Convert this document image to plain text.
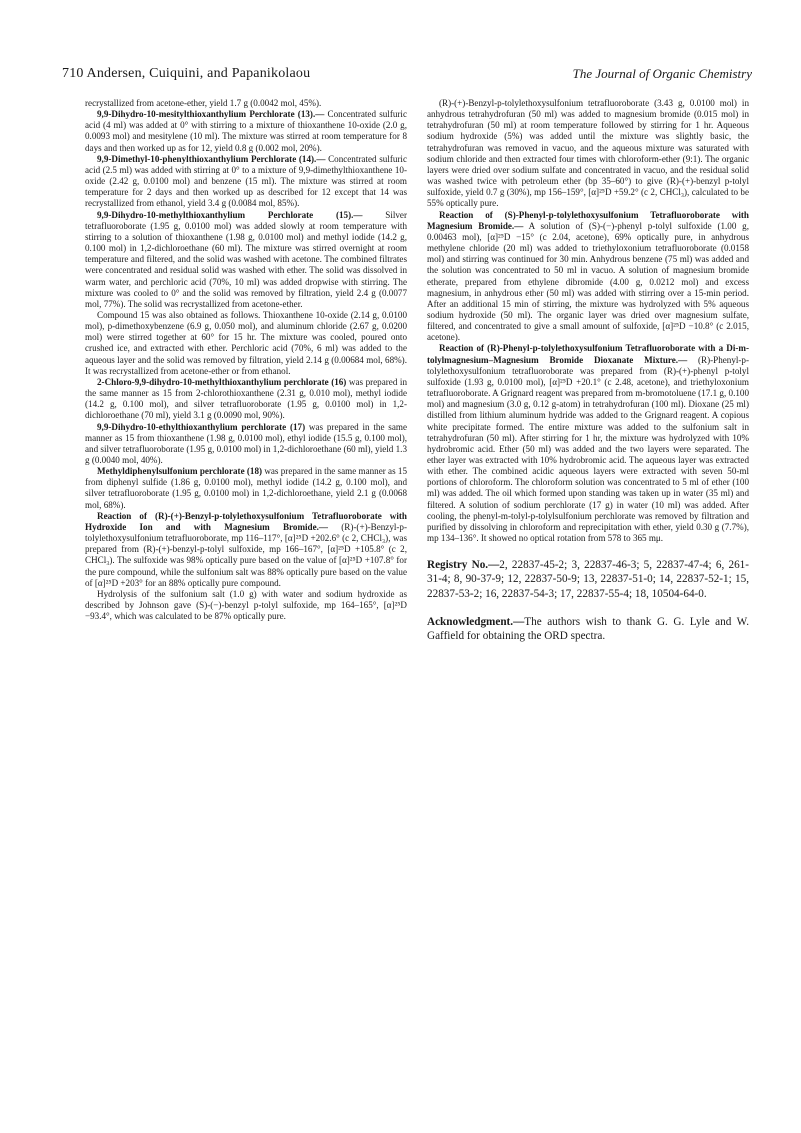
710 Andersen, Cuiquini, and Papanikolaou	The Journal of Organic Chemistry

recrystallized from acetone-ether, yield 1.7 g (0.0042 mol, 45%).

9,9-Dihydro-10-mesitylthioxanthylium Perchlorate (13).— Concentrated sulfuric acid (4 ml) was added at 0° with stirring to a mixture of thioxanthene 10-oxide (2.0 g, 0.0093 mol) and mesitylene (10 ml). The mixture was stirred at room temperature for 8 days and then worked up as for 12, yield 0.8 g (0.002 mol, 20%).

9,9-Dimethyl-10-phenylthioxanthylium Perchlorate (14).— Concentrated sulfuric acid (2.5 ml) was added with stirring at 0° to a mixture of 9,9-dimethylthioxanthene 10-oxide (2.42 g, 0.0100 mol) and benzene (15 ml). The mixture was stirred at room temperature for 2 days and then worked up as described for 12 except that 14 was recrystallized from ethanol, yield 3.4 g (0.0084 mol, 85%).

9,9-Dihydro-10-methylthioxanthylium Perchlorate (15).—	Silver tetrafluoroborate (1.95 g, 0.0100 mol) was added slowly at room temperature with stirring to a solution of thioxanthene (1.98 g, 0.0100 mol) and methyl iodide (14.2 g, 0.100 mol) in 1,2-dichloroethane (60 ml). The mixture was stirred overnight at room temperature and filtered, and the solid was washed with acetone. The combined filtrates were concentrated and residual solid was washed with ether. The solid was dissolved in warm water, and perchloric acid (70%, 10 ml) was added dropwise with stirring. The mixture was cooled to 0° and the solid was removed by filtration, yield 2.4 g (0.0077 mol, 77%). The solid was recrystallized from acetone-ether.

Compound 15 was also obtained as follows. Thioxanthene 10-oxide (2.14 g, 0.0100 mol), p-dimethoxybenzene (6.9 g, 0.050 mol), and aluminum chloride (2.67 g, 0.0200 mol) were stirred together at 60° for 15 hr. The mixture was cooled, poured onto crushed ice, and extracted with ether. Perchloric acid (70%, 6 ml) was added to the aqueous layer and the solid was removed by filtration, yield 2.14 g (0.00684 mol, 68%). It was recrystallized from acetone-ether or from ethanol.

2-Chloro-9,9-dihydro-10-methylthioxanthylium perchlorate (16) was prepared in the same manner as 15 from 2-chlorothioxanthene (2.31 g, 0.010 mol), methyl iodide (14.2 g, 0.100 mol), and silver tetrafluoroborate (1.95 g, 0.0100 mol) in 1,2-dichloroethane (70 ml), yield 3.1 g (0.0090 mol, 90%).

9,9-Dihydro-10-ethylthioxanthylium perchlorate (17) was prepared in the same manner as 15 from thioxanthene (1.98 g, 0.0100 mol), ethyl iodide (15.5 g, 0.100 mol), and silver tetrafluoroborate (1.95 g, 0.0100 mol) in 1,2-dichloroethane (60 ml), yield 1.3 g (0.0040 mol, 40%).

Methyldiphenylsulfonium perchlorate (18) was prepared in the same manner as 15 from diphenyl sulfide (1.86 g, 0.0100 mol), methyl iodide (14.2 g, 0.100 mol), and silver tetrafluoroborate (1.95 g, 0.0100 mol) in 1,2-dichloroethane, yield 2.1 g (0.0068 mol, 68%).

Reaction of (R)-(+)-Benzyl-p-tolylethoxysulfonium Tetrafluoroborate with Hydroxide Ion and with Magnesium Bromide.— (R)-(+)-Benzyl-p-tolylethoxysulfonium tetrafluoroborate, mp 116–117°, [α]²⁵D +202.6° (c 2, CHCl₃), was prepared from (R)-(+)-benzyl-p-tolyl sulfoxide, mp 166–167°, [α]²⁵D +105.8° (c 2, CHCl₃). The sulfoxide was 98% optically pure based on the value of [α]²⁵D +107.8° for the pure compound, while the sulfonium salt was 88% optically pure based on the value of [α]²⁵D +203° for an 88% optically pure compound.

Hydrolysis of the sulfonium salt (1.0 g) with water and sodium hydroxide as described by Johnson gave (S)-(−)-benzyl p-tolyl sulfoxide, mp 164–165°, [α]²⁵D −93.4°, which was calculated to be 87% optically pure.

(R)-(+)-Benzyl-p-tolylethoxysulfonium tetrafluoroborate (3.43 g, 0.0100 mol) in anhydrous tetrahydrofuran (50 ml) was added to magnesium bromide (0.015 mol) in tetrahydrofuran (50 ml) at room temperature followed by stirring for 1 hr. Aqueous sodium hydroxide (5%) was added until the mixture was slightly basic, the tetrahydrofuran was removed in vacuo, and the aqueous mixture was saturated with sodium chloride and then extracted four times with chloroform-ether (9:1). The organic layers were dried over sodium sulfate and concentrated in vacuo, and the residual solid was washed twice with petroleum ether (bp 35–60°) to give (R)-(+)-benzyl p-tolyl sulfoxide, yield 0.7 g (30%), mp 156–159°, [α]²⁵D +59.2° (c 2, CHCl₃), calculated to be 55% optically pure.

Reaction of (S)-Phenyl-p-tolylethoxysulfonium Tetrafluoroborate with Magnesium Bromide.— A solution of (S)-(−)-phenyl p-tolyl sulfoxide (1.00 g, 0.00463 mol), [α]²⁵D −15° (c 2.04, acetone), 69% optically pure, in anhydrous methylene chloride (20 ml) was added to triethyloxonium tetrafluoroborate (0.0158 mol) and stirring was continued for 30 min. Anhydrous benzene (75 ml) was added and the solution was concentrated to 50 ml in vacuo. A solution of magnesium bromide etherate, prepared from ethylene dibromide (4.00 g, 0.0212 mol) and excess magnesium, in anhydrous ether (50 ml) was added with stirring over a 15-min period. After an additional 15 min of stirring, the mixture was hydrolyzed with 5% aqueous sodium hydroxide (50 ml). The organic layer was dried over magnesium sulfate, filtered, and concentrated to give a small amount of sulfoxide, [α]²⁵D −10.8° (c 2.015, acetone).

Reaction of (R)-Phenyl-p-tolylethoxysulfonium Tetrafluoroborate with a Di-m-tolylmagnesium–Magnesium Bromide Dioxanate Mixture.— (R)-Phenyl-p-tolylethoxysulfonium tetrafluoroborate was prepared from (R)-(+)-phenyl p-tolyl sulfoxide (1.93 g, 0.0100 mol), [α]²⁵D +20.1° (c 2.48, acetone), and triethyloxonium tetrafluoroborate. A Grignard reagent was prepared from m-bromotoluene (17.1 g, 0.100 mol) and magnesium (3.0 g, 0.12 g-atom) in tetrahydrofuran (100 ml). Dioxane (25 ml) distilled from lithium aluminum hydride was added to the Grignard reagent. A copious white precipitate formed. The entire mixture was added to the sulfonium salt in tetrahydrofuran (50 ml). After stirring for 1 hr, the mixture was hydrolyzed with 10% hydrobromic acid. Ether (50 ml) was added and the two layers were separated. The ether layer was extracted with 10% hydrobromic acid. The aqueous layer was extracted with ether. The combined acidic aqueous layers were extracted with seven 50-ml portions of chloroform. The chloroform solution was concentrated to 5 ml of ether (100 ml) was added. The oil which formed upon standing was taken up in water (35 ml) and filtered. A solution of sodium perchlorate (17 g) in water (10 ml) was added. After cooling, the phenyl-m-tolyl-p-tolylsulfonium perchlorate was removed by filtration and purified by dissolving in chloroform and reprecipitation with ether, yield 0.30 g (7.7%), mp 134–136°. It showed no optical rotation from 578 to 365 mμ.

Registry No.—2, 22837-45-2; 3, 22837-46-3; 5, 22837-47-4; 6, 261-31-4; 8, 90-37-9; 12, 22837-50-9; 13, 22837-51-0; 14, 22837-52-1; 15, 22837-53-2; 16, 22837-54-3; 17, 22837-55-4; 18, 10504-64-0.

Acknowledgment.—The authors wish to thank G. G. Lyle and W. Gaffield for obtaining the ORD spectra.
